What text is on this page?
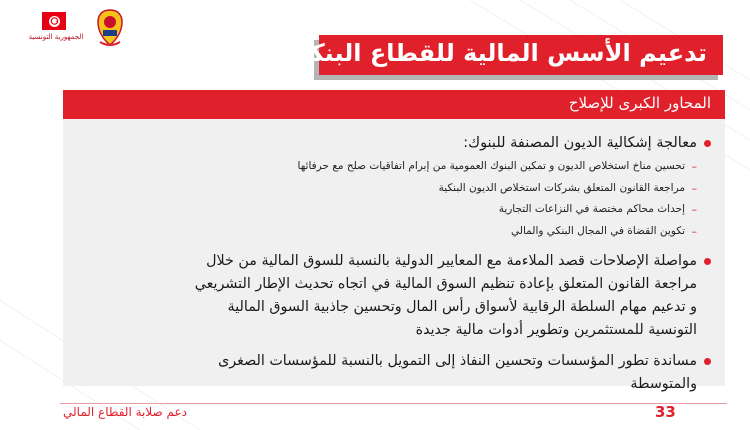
الجمهورية التونسية
تدعيم الأسس المالية للقطاع البنكي
المحاور الكبرى للإصلاح
معالجة إشكالية الديون المصنفة للبنوك:
–
تحسين مناخ استخلاص الديون و تمكين البنوك العمومية من إبرام اتفاقيات صلح مع حرفائها
–
مراجعة القانون المتعلق بشركات استخلاص الديون البنكية
–
إحداث محاكم مختصة في النزاعات التجارية
–
تكوين القضاة في المجال البنكي والمالي
مواصلة الإصلاحات قصد الملاءمة مع المعايير الدولية بالنسبة للسوق المالية من خلال
مراجعة القانون المتعلق بإعادة تنظيم السوق المالية في اتجاه تحديث الإطار التشريعي
و تدعيم مهام السلطة الرقابية لأسواق رأس المال وتحسين جاذبية السوق المالية
التونسية للمستثمرين وتطوير أدوات مالية جديدة
مساندة تطور المؤسسات وتحسين النفاذ إلى التمويل بالنسبة للمؤسسات الصغرى
والمتوسطة
دعم صلابة القطاع المالي	33
